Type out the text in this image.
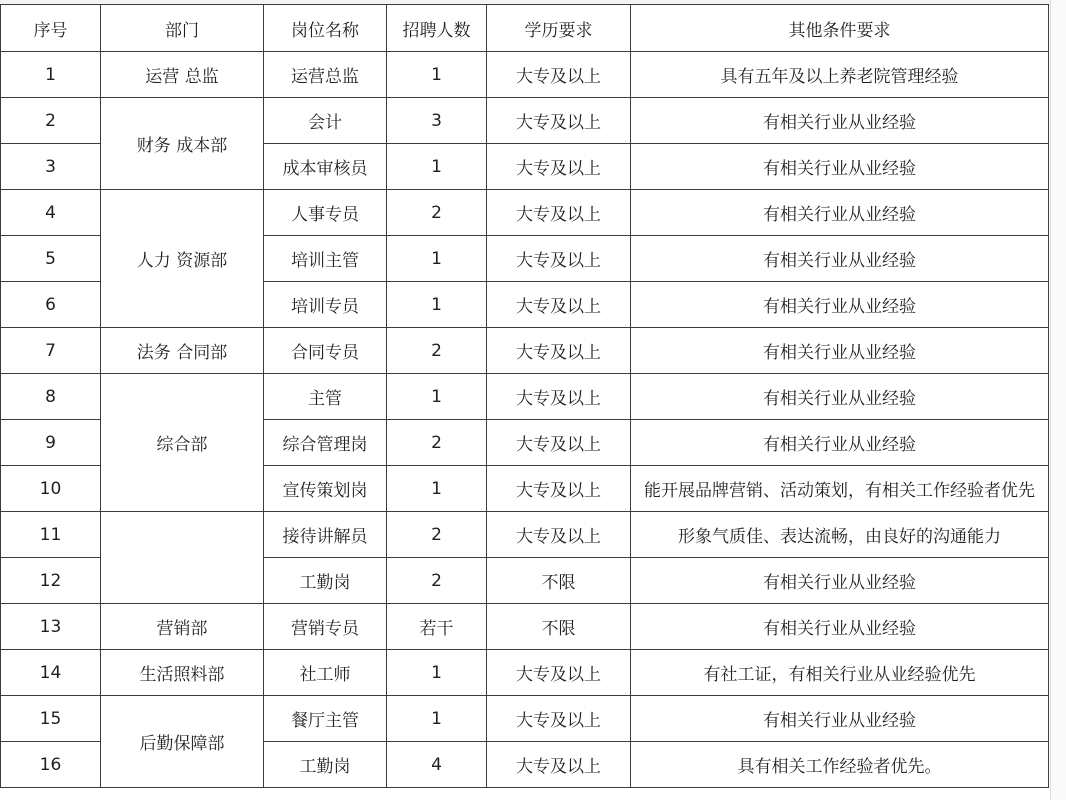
序号	部门	岗位名称	招聘人数	学历要求	其他条件要求
1	运营 总监	运营总监	1	大专及以上	具有五年及以上养老院管理经验
2	财务 成本部	会计	3	大专及以上	有相关行业从业经验
3		成本审核员	1	大专及以上	有相关行业从业经验
4	人力 资源部	人事专员	2	大专及以上	有相关行业从业经验
5		培训主管	1	大专及以上	有相关行业从业经验
6		培训专员	1	大专及以上	有相关行业从业经验
7	法务 合同部	合同专员	2	大专及以上	有相关行业从业经验
8	综合部	主管	1	大专及以上	有相关行业从业经验
9		综合管理岗	2	大专及以上	有相关行业从业经验
10		宣传策划岗	1	大专及以上	能开展品牌营销、活动策划，有相关工作经验者优先
11		接待讲解员	2	大专及以上	形象气质佳、表达流畅，由良好的沟通能力
12		工勤岗	2	不限	有相关行业从业经验
13	营销部	营销专员	若干	不限	有相关行业从业经验
14	生活照料部	社工师	1	大专及以上	有社工证，有相关行业从业经验优先
15	后勤保障部	餐厅主管	1	大专及以上	有相关行业从业经验
16		工勤岗	4	大专及以上	具有相关工作经验者优先。
